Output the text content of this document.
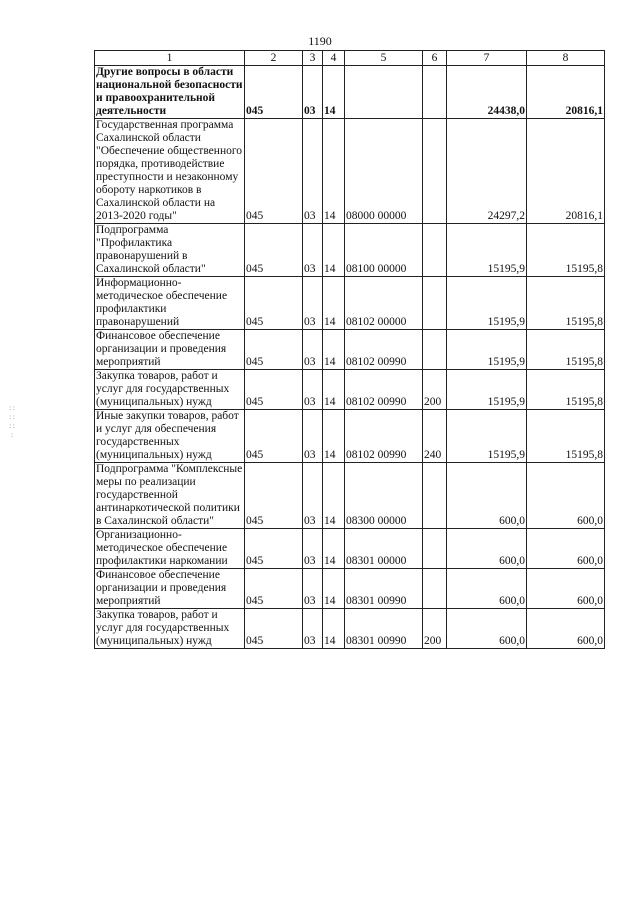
1190
1	2	3	4	5	6	7	8
Другие вопросы в области национальной безопасности и правоохранительной деятельности	045	03	14			24438,0	20816,1
Государственная программа Сахалинской области "Обеспечение общественного порядка, противодействие преступности и незаконному обороту наркотиков в Сахалинской области на 2013-2020 годы"	045	03	14	08000 00000		24297,2	20816,1
Подпрограмма "Профилактика правонарушений в Сахалинской области"	045	03	14	08100 00000		15195,9	15195,8
Информационно-методическое обеспечение профилактики правонарушений	045	03	14	08102 00000		15195,9	15195,8
Финансовое обеспечение организации и проведения мероприятий	045	03	14	08102 00990		15195,9	15195,8
Закупка товаров, работ и услуг для государственных (муниципальных) нужд	045	03	14	08102 00990	200	15195,9	15195,8
Иные закупки товаров, работ и услуг для обеспечения государственных (муниципальных) нужд	045	03	14	08102 00990	240	15195,9	15195,8
Подпрограмма "Комплексные меры по реализации государственной антинаркотической политики в Сахалинской области"	045	03	14	08300 00000		600,0	600,0
Организационно-методическое обеспечение профилактики наркомании	045	03	14	08301 00000		600,0	600,0
Финансовое обеспечение организации и проведения мероприятий	045	03	14	08301 00990		600,0	600,0
Закупка товаров, работ и услуг для государственных (муниципальных) нужд	045	03	14	08301 00990	200	600,0	600,0
: : : : : : :
